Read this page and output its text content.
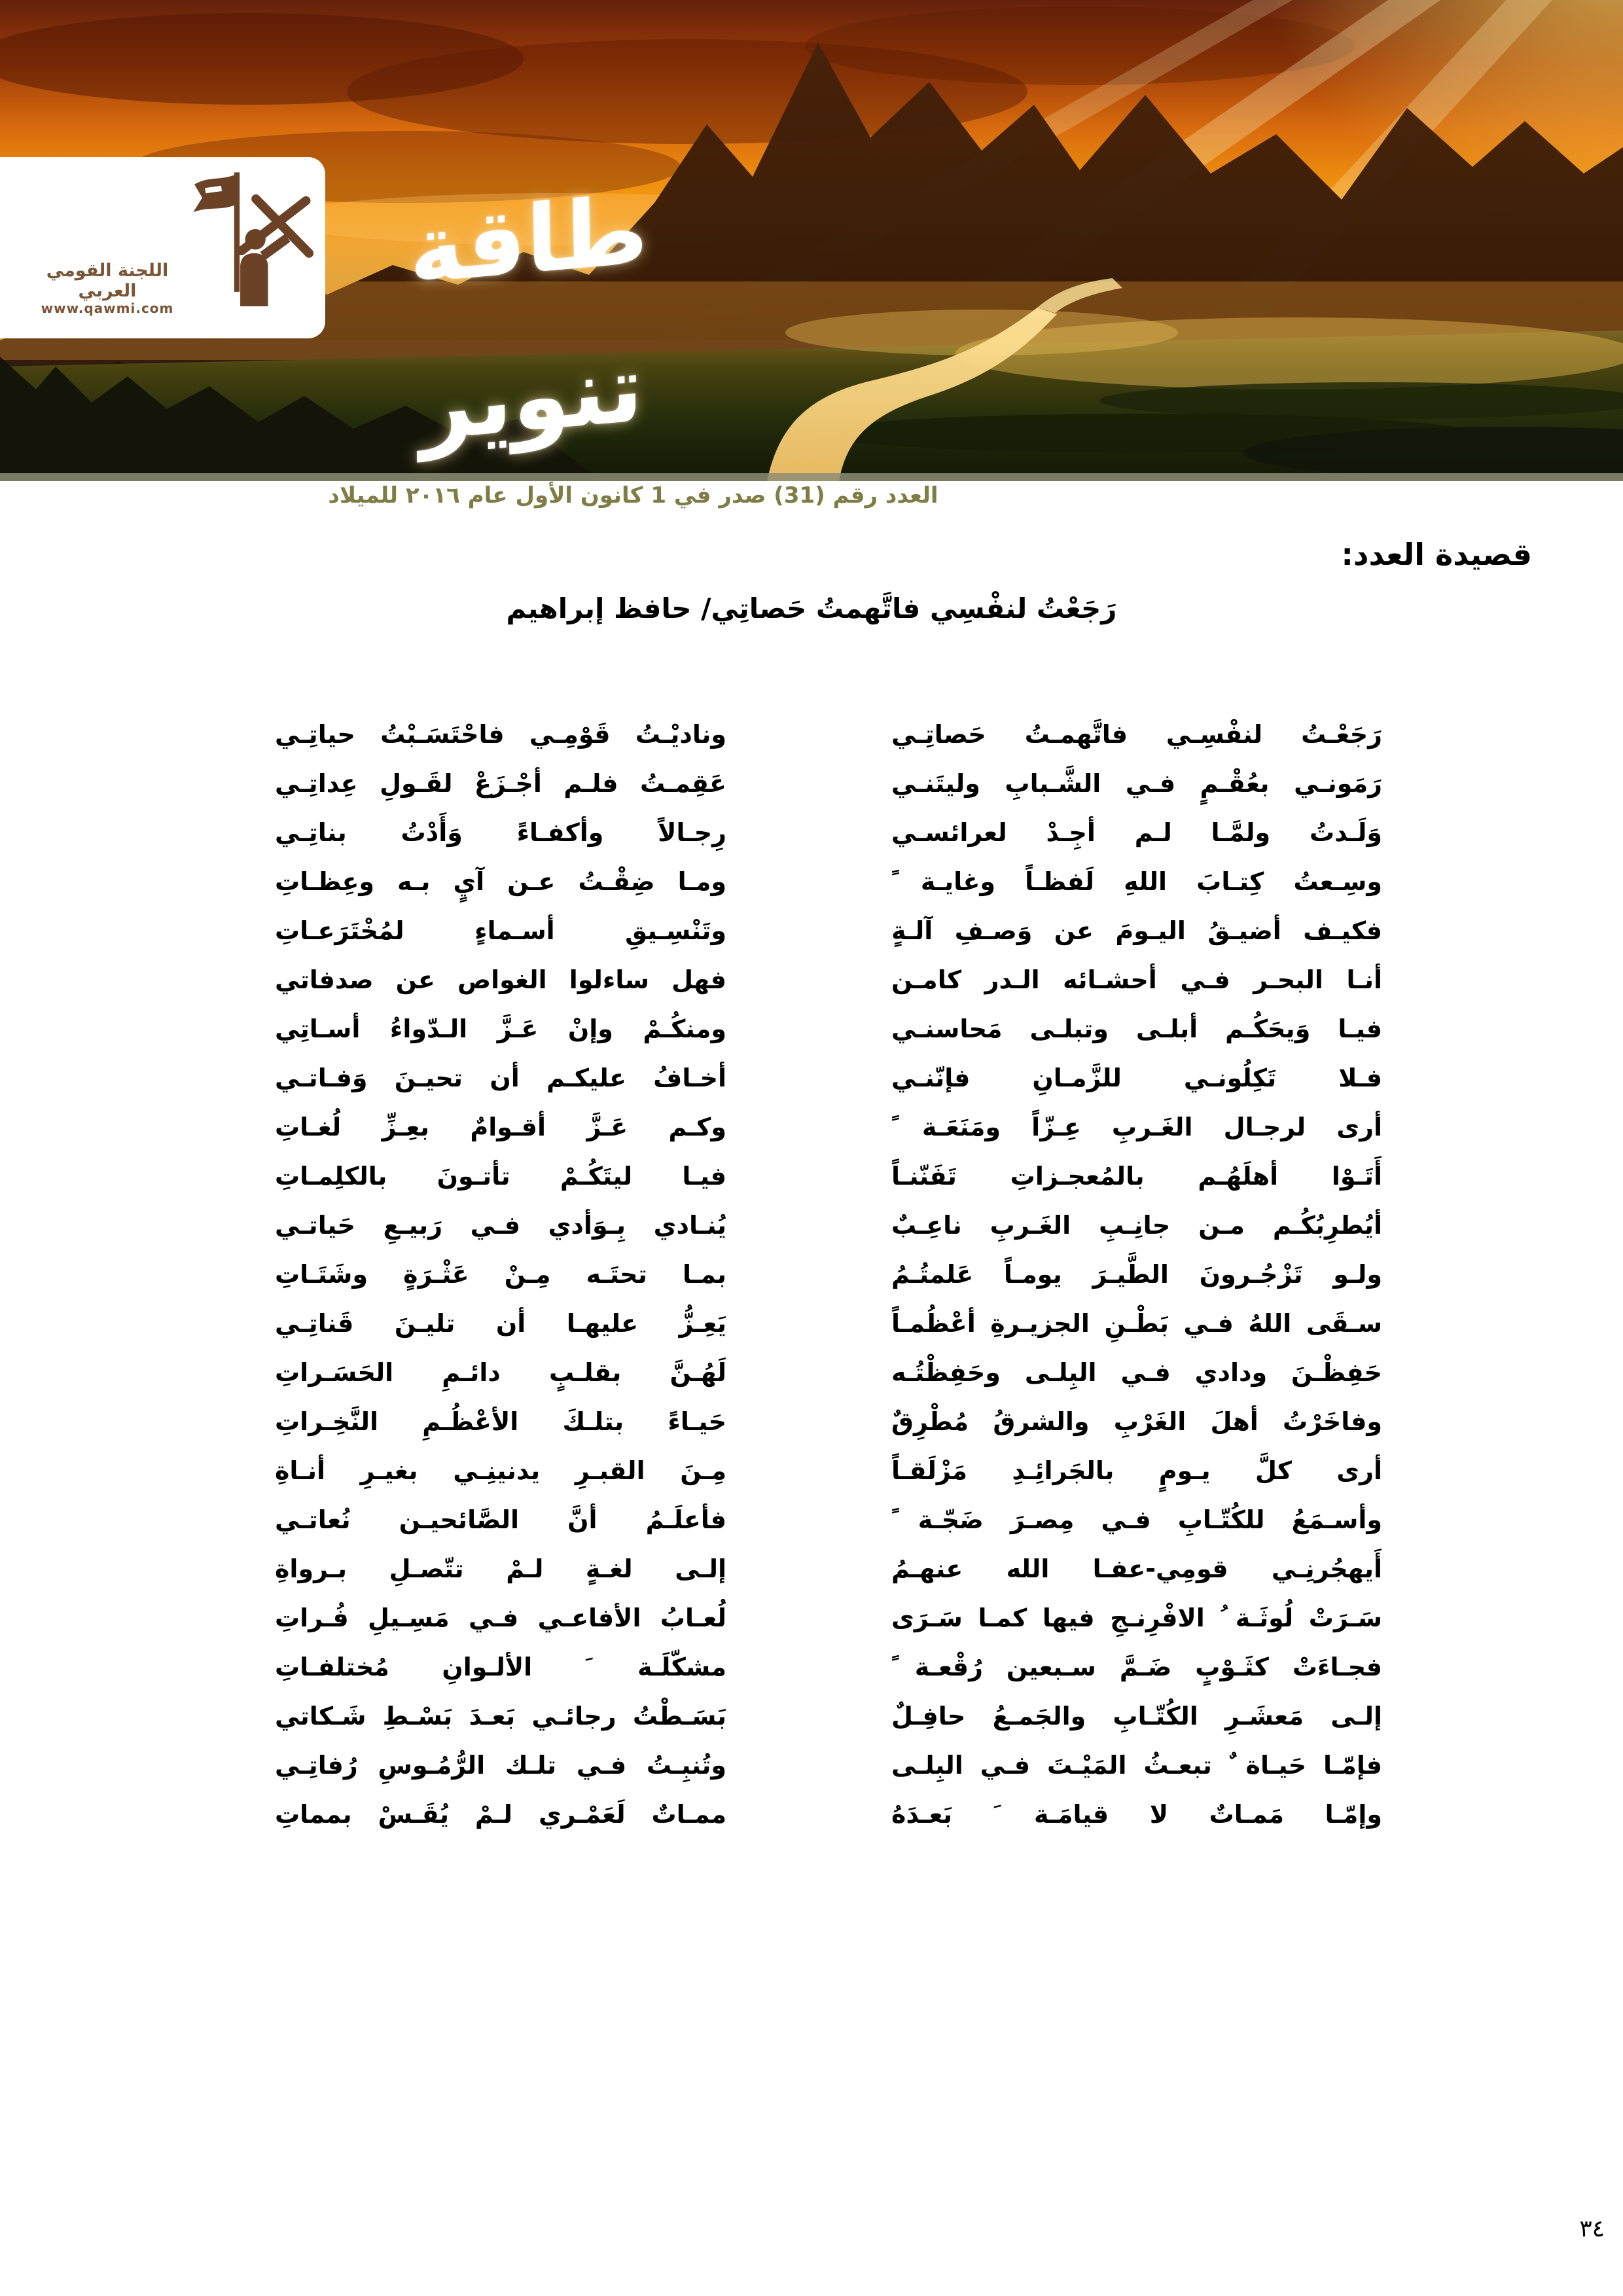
اللجنة القومي العربي
www.qawmi.com
طاقة تنوير
العدد رقم (31) صدر في 1 كانون الأول عام ٢٠١٦ للميلاد
قصيدة العدد:
رَجَعْتُ لنفْسِي فاتَّهمتُ حَصاتِي/ حافظ إبراهيم
رَجَعْـتُ لنفْسِـي فاتَّهمـتُ حَصاتِـي
رَمَونـي بعُقْـمٍ فـي الشَّـبابِ وليتَنـي
وَلَـدتُ ولمَّـا لـم أجِـدْ لعرائسـي
وسِـعتُ كِتـابَ اللهِ لَفظـاً وغايـة ً
فكيـف أضيـقُ اليـومَ عن وَصـفِ آلـةٍ
أنـا البحـر فـي أحشـائه الـدر كامـن
فيـا وَيحَكُـم أبلـى وتبلـى مَحاسنـي
فـلا تَكِلُونـي للزَّمـانِ فإنّنـي
أرى لرجـال الغَـربِ عِـزّاً ومَنَعَـة ً
أَتَـوْا أهلَهُـم بالمُعجـزاتِ تَفَنّنـاً
أيُطرِبُكُـم مـن جانِـبِ الغَـربِ ناعِـبٌ
ولـو تَزْجُـرونَ الطَّيـرَ يومـاً عَلمتُـمُ
سـقَى اللهُ فـي بَطْـنِ الجزيـرةِ أعْظُمـاً
حَفِظْـنَ ودادي فـي البِلـى وحَفِظْتُـه
وفاخَرْتُ أهلَ الغَرْبِ والشرقُ مُطْرِقٌ
أرى كلَّ يـومٍ بالجَرائِـدِ مَزْلَقـاً
وأسـمَعُ للكُتّـابِ فـي مِصـرَ ضَجّـة ً
أَيهجُرنِـي قومِي-عفـا الله عنهـمُ
سَـرَتْ لُوثَـة ُ الافْرِنـجِ فيها كمـا سَـرَى
فجـاءَتْ كثَـوْبٍ ضَـمَّ سـبعين رُقْعـة ً
إلـى مَعشَـرِ الكُتّـابِ والجَمـعُ حافِـلٌ
فإمّـا حَيـاة ٌ تبعـثُ المَيْـتَ فـي البِلـى
وإمّـا مَمـاتٌ لا قيامَـة َ بَعـدَهُ
وناديْـتُ قَوْمِـي فاحْتَسَـبْتُ حياتِـي
عَقِمـتُ فلـم أجْـزَعْ لقَـولِ عِداتِـي
رِجـالاً وأكفـاءً وَأَدْتُ بناتِـي
ومـا ضِقْـتُ عـن آيٍ بـه وعِظـاتِ
وتَنْسِـيقِ أسـماءٍ لمُخْتَرَعـاتِ
فهل ساءلوا الغواص عن صدفاتي
ومنكُـمْ وإنْ عَـزَّ الـدّواءُ أسـاتِي
أخـافُ عليكـم أن تحيـنَ وَفـاتـي
وكـم عَـزَّ أقـوامٌ بعِـزِّ لُغـاتِ
فيـا ليتَكُـمْ تأتـونَ بالكلِمـاتِ
يُنـادي بِـوَأدي فـي رَبيـعِ حَياتـي
بمـا تحتَـه مِـنْ عَثْـرَةٍ وشَتَـاتِ
يَعِـزُّ عليهـا أن تليـنَ قَناتِـي
لَهُـنَّ بقلـبٍ دائـمِ الحَسَـراتِ
حَيـاءً بتلـكَ الأعْظُـمِ النَّخِـراتِ
مِـنَ القبـرِ يدنينِـي بغيـرِ أنـاةِ
فأعلَـمُ أنَّ الصَّائحيـن نُعاتـي
إلـى لغـةٍ لـمْ تتّصـلِ بـرواةِ
لُعـابُ الأفاعـي فـي مَسِـيلِ فُـراتِ
مشكّلَـة َ الألـوانِ مُختلفـاتِ
بَسَـطْتُ رجائـي بَعـدَ بَسْـطِ شَـكاتي
وتُنبِـتُ فـي تلـك الرُّمُـوسِ رُفاتِـي
ممـاتٌ لَعَمْـري لـمْ يُقَـسْ بمماتِ
٣٤
